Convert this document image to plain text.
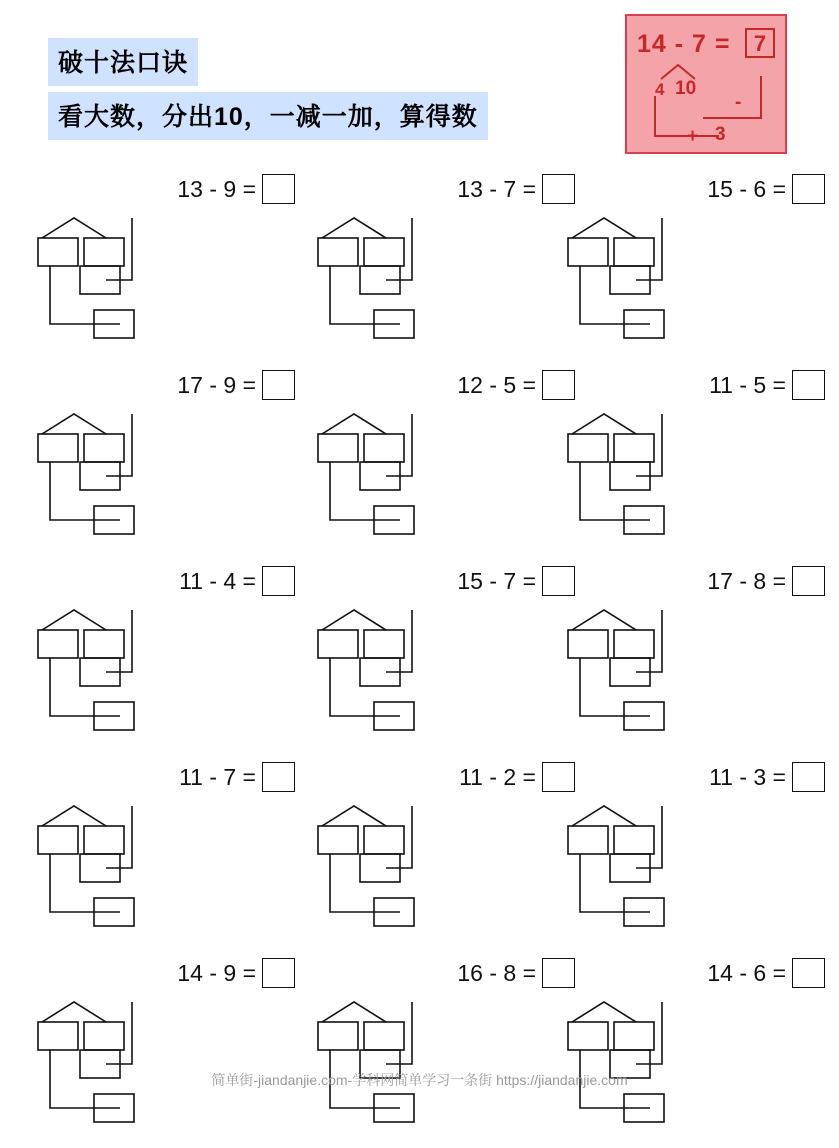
破十法口诀
看大数，分出10，一减一加，算得数
14 - 7 =	7
4 10
-
+ 3
13 - 9 =	13 - 7 =	15 - 6 =
17 - 9 =	12 - 5 =	11 - 5 =
11 - 4 =	15 - 7 =	17 - 8 =
11 - 7 =	11 - 2 =	11 - 3 =
14 - 9 =	16 - 8 =	14 - 6 =
简单街-jiandanjie.com-学科网简单学习一条街 https://jiandanjie.com
